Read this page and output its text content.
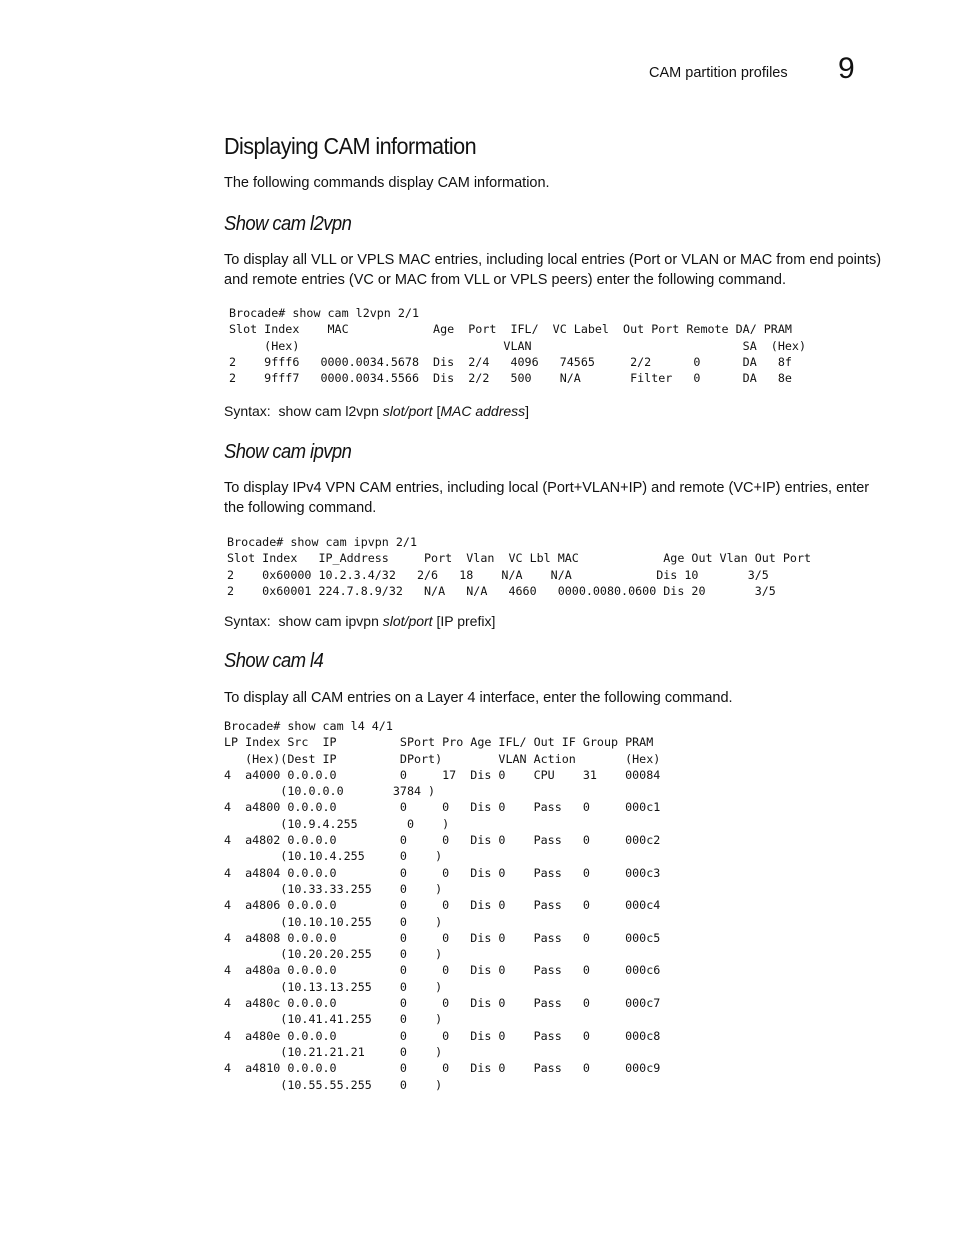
CAM partition profiles 9
Displaying CAM information
The following commands display CAM information.
Show cam l2vpn
To display all VLL or VPLS MAC entries, including local entries (Port or VLAN or MAC from end points) and remote entries (VC or MAC from VLL or VPLS peers) enter the following command.
Brocade# show cam l2vpn 2/1
Slot Index    MAC            Age  Port  IFL/  VC Label  Out Port Remote DA/ PRAM
(Hex)                             VLAN                              SA  (Hex)
2    9fff6   0000.0034.5678  Dis  2/4   4096   74565     2/2      0      DA   8f
2    9fff7   0000.0034.5566  Dis  2/2   500    N/A       Filter   0      DA   8e
Syntax: show cam l2vpn slot/port [MAC address]
Show cam ipvpn
To display IPv4 VPN CAM entries, including local (Port+VLAN+IP) and remote (VC+IP) entries, enter the following command.
Brocade# show cam ipvpn 2/1
Slot Index   IP_Address     Port  Vlan  VC Lbl MAC            Age Out Vlan Out Port
2    0x60000 10.2.3.4/32   2/6   18    N/A    N/A            Dis 10       3/5
2    0x60001 224.7.8.9/32   N/A   N/A   4660   0000.0080.0600 Dis 20       3/5
Syntax: show cam ipvpn slot/port [IP prefix]
Show cam l4
To display all CAM entries on a Layer 4 interface, enter the following command.
Brocade# show cam l4 4/1
LP Index Src  IP         SPort Pro Age IFL/ Out IF Group PRAM
(Hex)(Dest IP         DPort)        VLAN Action       (Hex)
4  a4000 0.0.0.0         0     17  Dis 0    CPU    31    00084
(10.0.0.0       3784 )
4  a4800 0.0.0.0         0     0   Dis 0    Pass   0     000c1
(10.9.4.255       0    )
4  a4802 0.0.0.0         0     0   Dis 0    Pass   0     000c2
(10.10.4.255     0    )
4  a4804 0.0.0.0         0     0   Dis 0    Pass   0     000c3
(10.33.33.255    0    )
4  a4806 0.0.0.0         0     0   Dis 0    Pass   0     000c4
(10.10.10.255    0    )
4  a4808 0.0.0.0         0     0   Dis 0    Pass   0     000c5
(10.20.20.255    0    )
4  a480a 0.0.0.0         0     0   Dis 0    Pass   0     000c6
(10.13.13.255    0    )
4  a480c 0.0.0.0         0     0   Dis 0    Pass   0     000c7
(10.41.41.255    0    )
4  a480e 0.0.0.0         0     0   Dis 0    Pass   0     000c8
(10.21.21.21     0    )
4  a4810 0.0.0.0         0     0   Dis 0    Pass   0     000c9
(10.55.55.255    0    )
